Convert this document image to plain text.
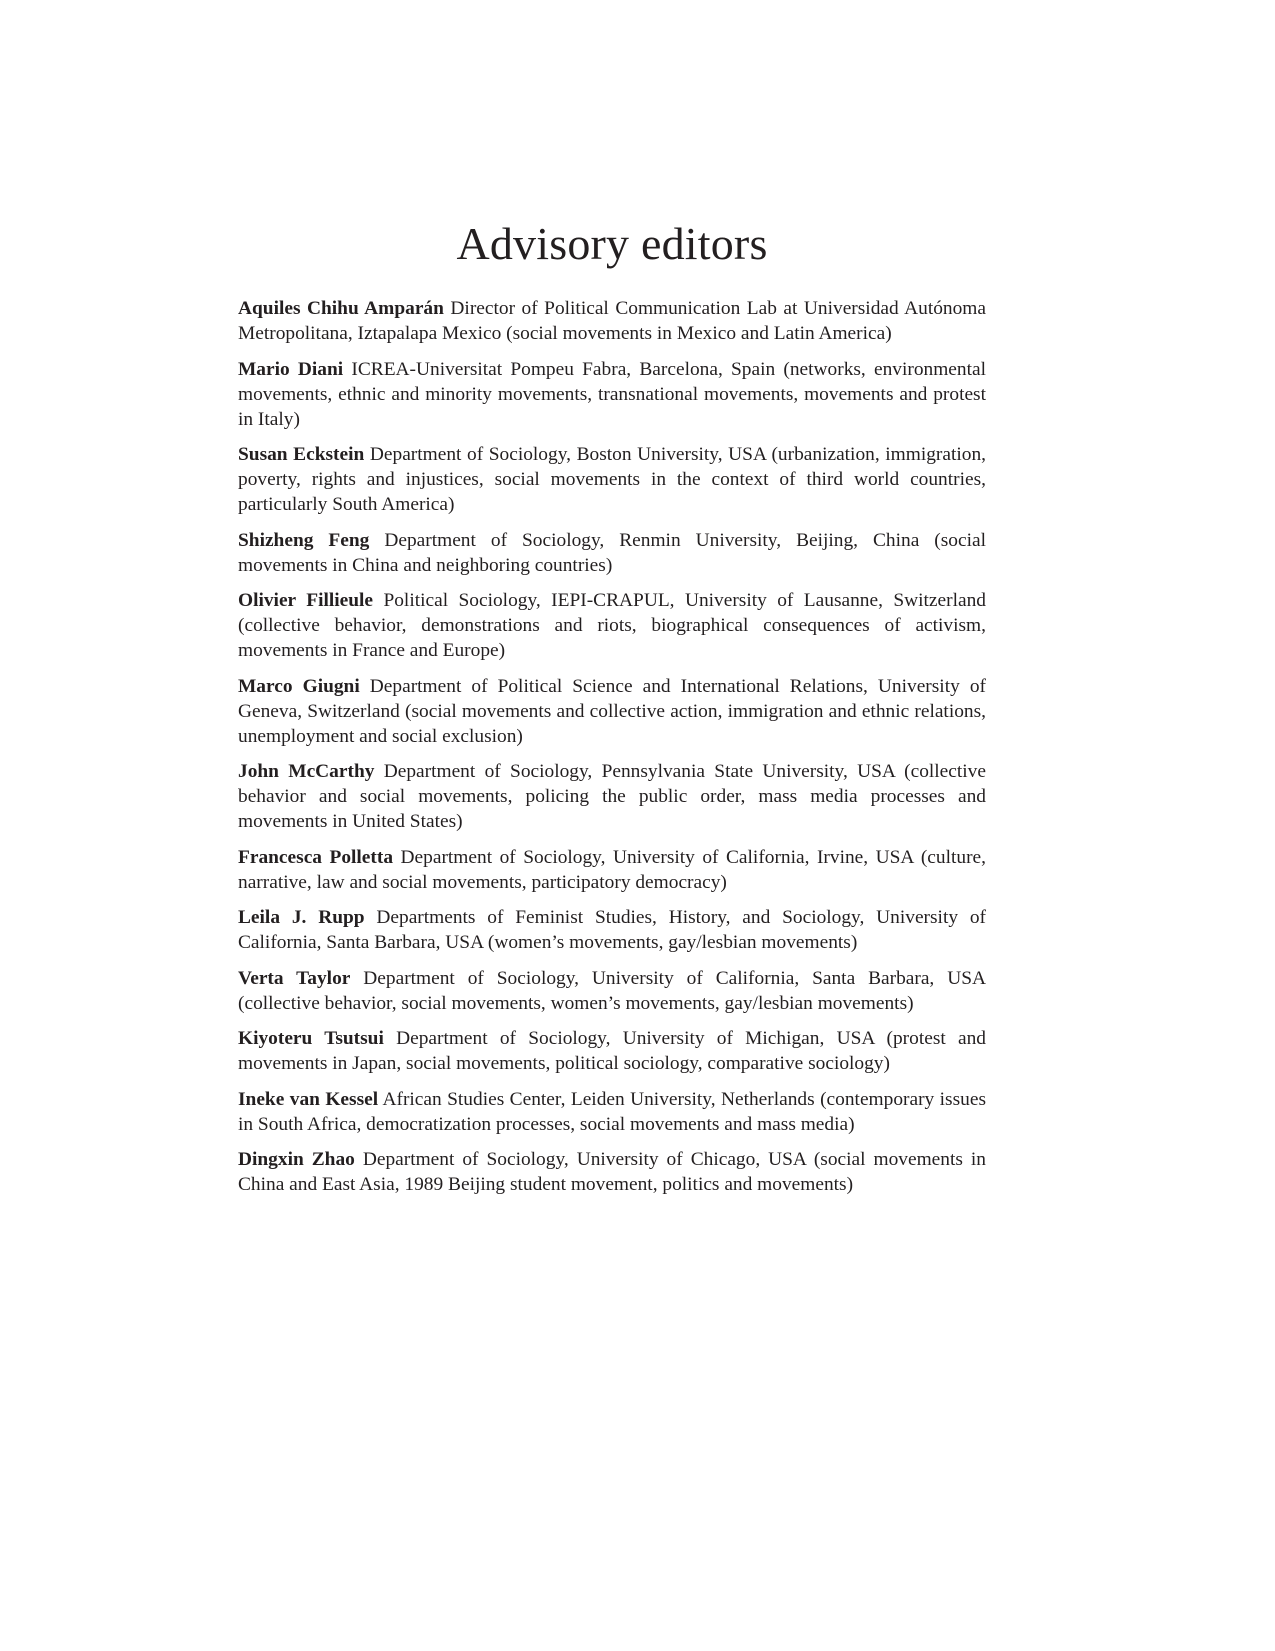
Advisory editors

Aquiles Chihu Amparán Director of Political Communication Lab at Universidad Autónoma Metropolitana, Iztapalapa Mexico (social movements in Mexico and Latin America)

Mario Diani ICREA-Universitat Pompeu Fabra, Barcelona, Spain (networks, environmental movements, ethnic and minority movements, transnational movements, movements and protest in Italy)

Susan Eckstein Department of Sociology, Boston University, USA (urbanization, immigration, poverty, rights and injustices, social movements in the context of third world countries, particularly South America)

Shizheng Feng Department of Sociology, Renmin University, Beijing, China (social movements in China and neighboring countries)

Olivier Fillieule Political Sociology, IEPI-CRAPUL, University of Lausanne, Switzerland (collective behavior, demonstrations and riots, biographical consequences of activism, movements in France and Europe)

Marco Giugni Department of Political Science and International Relations, University of Geneva, Switzerland (social movements and collective action, immigration and ethnic relations, unemployment and social exclusion)

John McCarthy Department of Sociology, Pennsylvania State University, USA (collective behavior and social movements, policing the public order, mass media processes and movements in United States)

Francesca Polletta Department of Sociology, University of California, Irvine, USA (culture, narrative, law and social movements, participatory democracy)

Leila J. Rupp Departments of Feminist Studies, History, and Sociology, University of California, Santa Barbara, USA (women’s movements, gay/lesbian movements)

Verta Taylor Department of Sociology, University of California, Santa Barbara, USA (collective behavior, social movements, women’s movements, gay/lesbian movements)

Kiyoteru Tsutsui Department of Sociology, University of Michigan, USA (protest and movements in Japan, social movements, political sociology, comparative sociology)

Ineke van Kessel African Studies Center, Leiden University, Netherlands (contemporary issues in South Africa, democratization processes, social movements and mass media)

Dingxin Zhao Department of Sociology, University of Chicago, USA (social movements in China and East Asia, 1989 Beijing student movement, politics and movements)
